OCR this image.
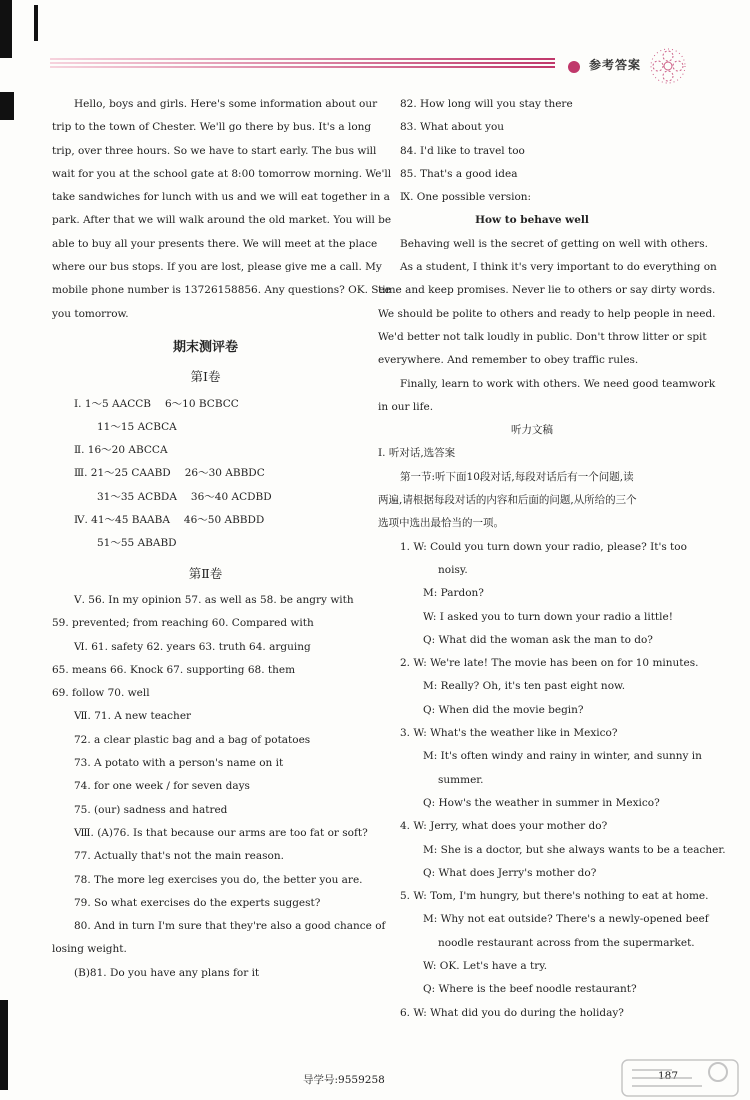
参考答案

Hello, boys and girls. Here's some information about our

trip to the town of Chester. We'll go there by bus. It's a long

trip, over three hours. So we have to start early. The bus will

wait for you at the school gate at 8:00 tomorrow morning. We'll

take sandwiches for lunch with us and we will eat together in a

park. After that we will walk around the old market. You will be

able to buy all your presents there. We will meet at the place

where our bus stops. If you are lost, please give me a call. My

mobile phone number is 13726158856. Any questions? OK. See

you tomorrow.

期末测评卷

第Ⅰ卷

Ⅰ. 1～5 AACCB 6～10 BCBCC

11～15 ACBCA

Ⅱ. 16～20 ABCCA

Ⅲ. 21～25 CAABD 26～30 ABBDC

31～35 ACBDA 36～40 ACDBD

Ⅳ. 41～45 BAABA 46～50 ABBDD

51～55 ABABD

第Ⅱ卷

Ⅴ. 56. In my opinion 57. as well as 58. be angry with

59. prevented; from reaching 60. Compared with

Ⅵ. 61. safety 62. years 63. truth 64. arguing

65. means 66. Knock 67. supporting 68. them

69. follow 70. well

Ⅶ. 71. A new teacher

72. a clear plastic bag and a bag of potatoes

73. A potato with a person's name on it

74. for one week / for seven days

75. (our) sadness and hatred

Ⅷ. (A)76. Is that because our arms are too fat or soft?

77. Actually that's not the main reason.

78. The more leg exercises you do, the better you are.

79. So what exercises do the experts suggest?

80. And in turn I'm sure that they're also a good chance of

losing weight.

(B)81. Do you have any plans for it

82. How long will you stay there

83. What about you

84. I'd like to travel too

85. That's a good idea

Ⅸ. One possible version:

How to behave well

Behaving well is the secret of getting on well with others.

As a student, I think it's very important to do everything on

time and keep promises. Never lie to others or say dirty words.

We should be polite to others and ready to help people in need.

We'd better not talk loudly in public. Don't throw litter or spit

everywhere. And remember to obey traffic rules.

Finally, learn to work with others. We need good teamwork

in our life.

听力文稿

Ⅰ. 听对话,选答案

第一节:听下面10段对话,每段对话后有一个问题,读

两遍,请根据每段对话的内容和后面的问题,从所给的三个

选项中选出最恰当的一项。

1. W: Could you turn down your radio, please? It's too

noisy.

M: Pardon?

W: I asked you to turn down your radio a little!

Q: What did the woman ask the man to do?

2. W: We're late! The movie has been on for 10 minutes.

M: Really? Oh, it's ten past eight now.

Q: When did the movie begin?

3. W: What's the weather like in Mexico?

M: It's often windy and rainy in winter, and sunny in

summer.

Q: How's the weather in summer in Mexico?

4. W: Jerry, what does your mother do?

M: She is a doctor, but she always wants to be a teacher.

Q: What does Jerry's mother do?

5. W: Tom, I'm hungry, but there's nothing to eat at home.

M: Why not eat outside? There's a newly-opened beef

noodle restaurant across from the supermarket.

W: OK. Let's have a try.

Q: Where is the beef noodle restaurant?

6. W: What did you do during the holiday?

导学号:9559258	187
